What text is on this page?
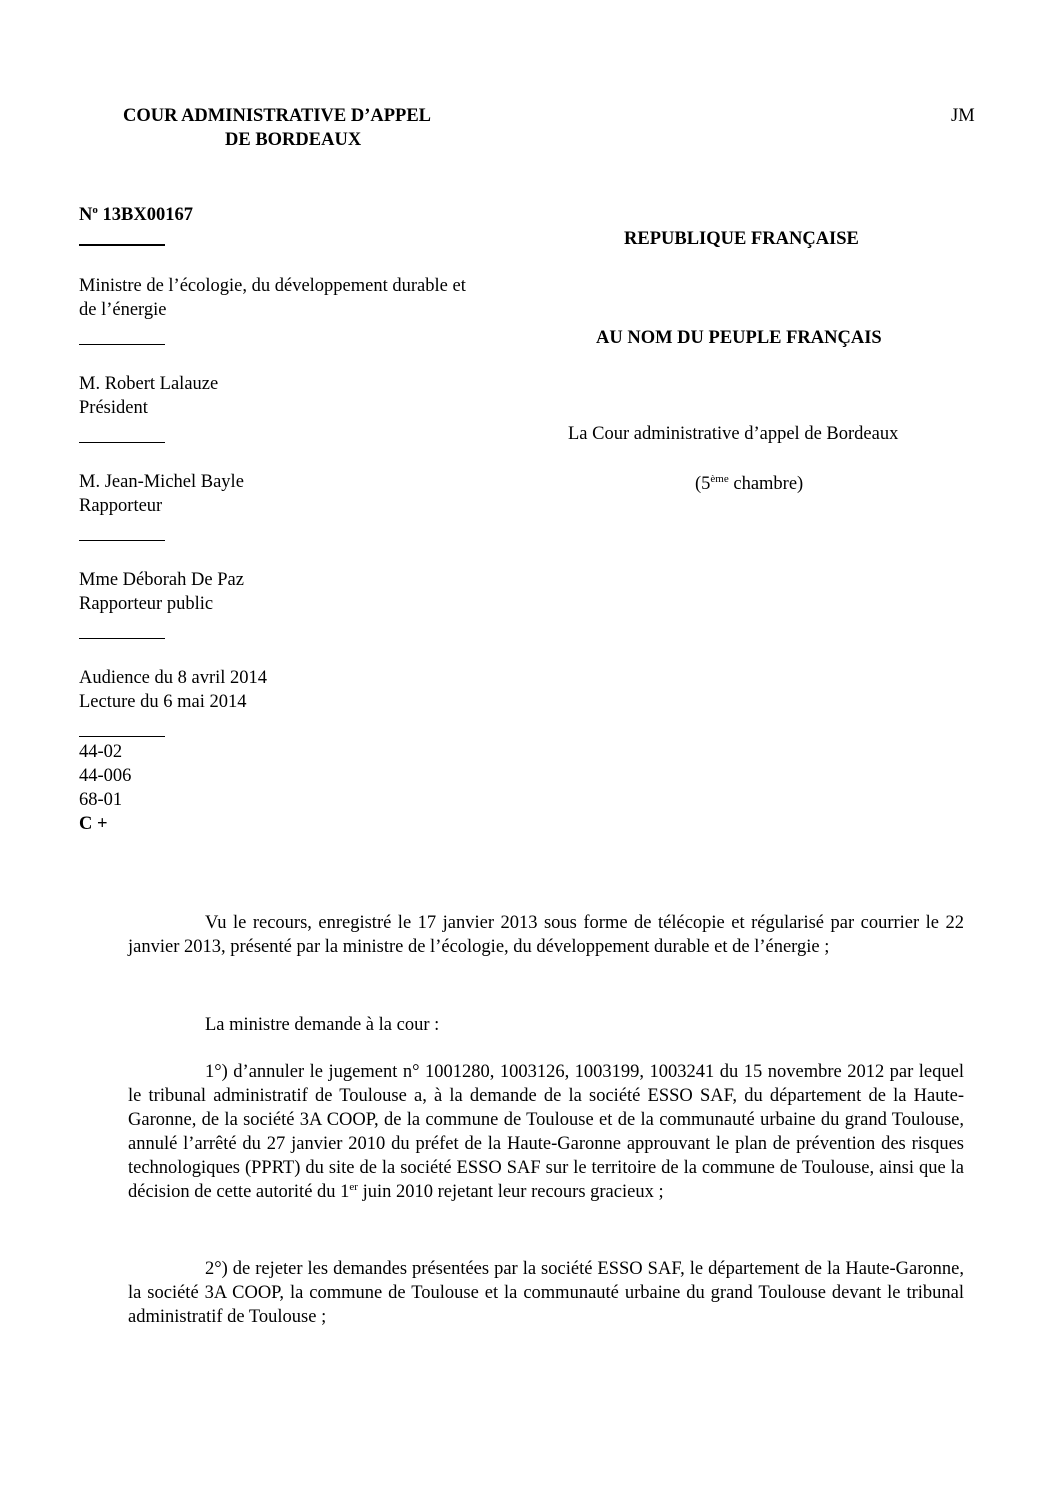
COUR ADMINISTRATIVE D’APPEL
DE BORDEAUX
JM
$N^o$ 13BX00167
REPUBLIQUE FRANÇAISE
AU NOM DU PEUPLE FRANÇAIS
La Cour administrative d’appel de Bordeaux
(5ème chambre)
Ministre de l’écologie, du développement durable et
de l’énergie
M. Robert Lalauze
Président
M. Jean-Michel Bayle
Rapporteur
Mme Déborah De Paz
Rapporteur public
Audience du 8 avril 2014
Lecture du 6 mai 2014
44-02
44-006
68-01
C +
Vu le recours, enregistré le 17 janvier 2013 sous forme de télécopie et régularisé par courrier le 22 janvier 2013, présenté par la ministre de l’écologie, du développement durable et de l’énergie ;
La ministre demande à la cour :
1°) d’annuler le jugement n° 1001280, 1003126, 1003199, 1003241 du 15 novembre 2012 par lequel le tribunal administratif de Toulouse a, à la demande de la société ESSO SAF, du département de la Haute-Garonne, de la société 3A COOP, de la commune de Toulouse et de la communauté urbaine du grand Toulouse, annulé l’arrêté du 27 janvier 2010 du préfet de la Haute-Garonne approuvant le plan de prévention des risques technologiques (PPRT) du site de la société ESSO SAF sur le territoire de la commune de Toulouse, ainsi que la décision de cette autorité du 1er juin 2010 rejetant leur recours gracieux ;
2°) de rejeter les demandes présentées par la société ESSO SAF, le département de la Haute-Garonne, la société 3A COOP, la commune de Toulouse et la communauté urbaine du grand Toulouse devant le tribunal administratif de Toulouse ;
